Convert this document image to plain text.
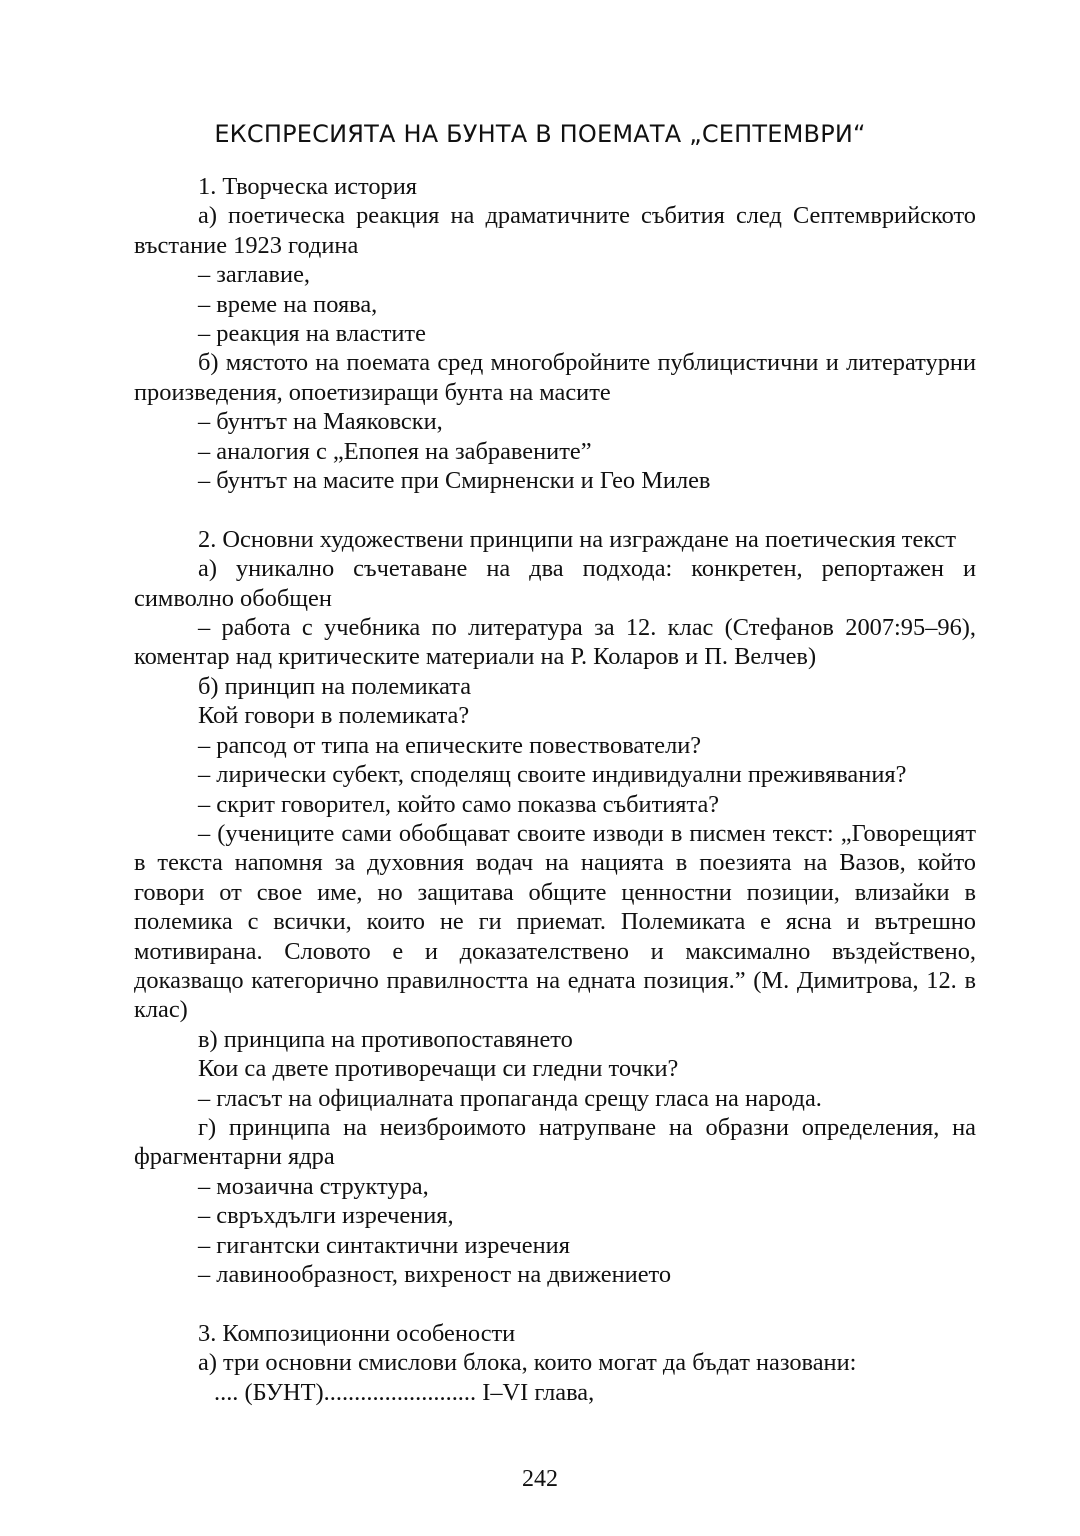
ЕКСПРЕСИЯТА НА БУНТА В ПОЕМАТА „СЕПТЕМВРИ“

1. Творческа история

а) поетическа реакция на драматичните събития след Септемврийското въстание 1923 година

– заглавие,

– време на поява,

– реакция на властите

б) мястото на поемата сред многобройните публицистични и литературни произведения, опоетизиращи бунта на масите

– бунтът на Маяковски,

– аналогия с „Епопея на забравените”

– бунтът на масите при Смирненски и Гео Милев

2. Основни художествени принципи на изграждане на поетическия текст

а) уникално съчетаване на два подхода: конкретен, репортажен и символно обобщен

– работа с учебника по литература за 12. клас (Стефанов 2007:95–96), коментар над критическите материали на Р. Коларов и П. Велчев)

б) принцип на полемиката

Кой говори в полемиката?

– рапсод от типа на епическите повествователи?

– лирически субект, споделящ своите индивидуални преживявания?

– скрит говорител, който само показва събитията?

– (учениците сами обобщават своите изводи в писмен текст: „Говорещият в текста напомня за духовния водач на нацията в поезията на Вазов, който говори от свое име, но защитава общите ценностни позиции, влизайки в полемика с всички, които не ги приемат. Полемиката е ясна и вътрешно мотивирана. Словото е и доказателствено и максимално въздействено, доказващо категорично правилността на едната позиция.” (М. Димитрова, 12. в клас)

в) принципа на противопоставянето

Кои са двете противоречащи си гледни точки?

– гласът на официалната пропаганда срещу гласа на народа.

г) принципа на неизброимото натрупване на образни определения, на фрагментарни ядра

– мозаична структура,

– свръхдълги изречения,

– гигантски синтактични изречения

– лавинообразност, вихреност на движението

3. Композиционни особености

а) три основни смислови блока, които могат да бъдат назовани:

.... (БУНТ)......................... I–VI глава,

242
